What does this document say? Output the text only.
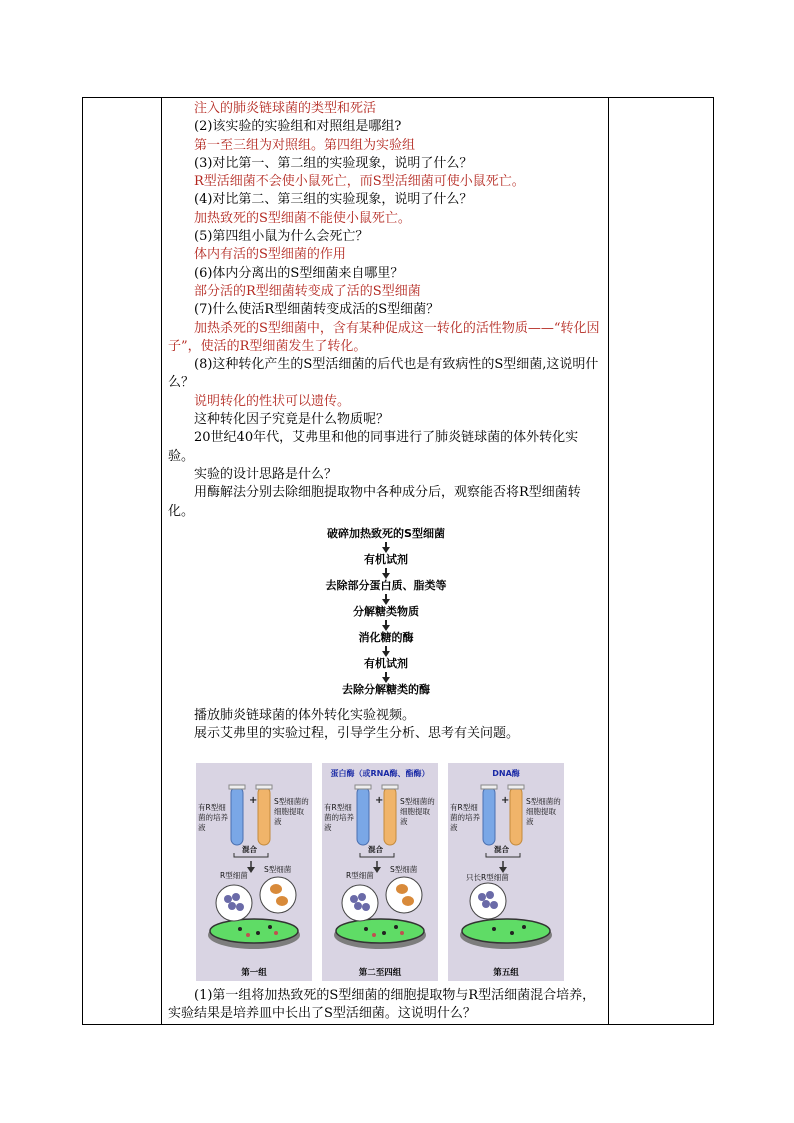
注入的肺炎链球菌的类型和死活
(2)该实验的实验组和对照组是哪组?
第一至三组为对照组。第四组为实验组
(3)对比第一、第二组的实验现象，说明了什么？
R型活细菌不会使小鼠死亡，而S型活细菌可使小鼠死亡。
(4)对比第二、第三组的实验现象，说明了什么？
加热致死的S型细菌不能使小鼠死亡。
(5)第四组小鼠为什么会死亡？
体内有活的S型细菌的作用
(6)体内分离出的S型细菌来自哪里？
部分活的R型细菌转变成了活的S型细菌
(7)什么使活R型细菌转变成活的S型细菌？
加热杀死的S型细菌中，含有某种促成这一转化的活性物质——“转化因子”，使活的R型细菌发生了转化。
(8)这种转化产生的S型活细菌的后代也是有致病性的S型细菌,这说明什么？
说明转化的性状可以遗传。
这种转化因子究竟是什么物质呢？
20世纪40年代，艾弗里和他的同事进行了肺炎链球菌的体外转化实验。
实验的设计思路是什么？
用酶解法分别去除细胞提取物中各种成分后，观察能否将R型细菌转化。
破碎加热致死的S型细菌
有机试剂
去除部分蛋白质、脂类等
分解糖类物质
消化糖的酶
有机试剂
去除分解糖类的酶
播放肺炎链球菌的体外转化实验视频。
展示艾弗里的实验过程，引导学生分析、思考有关问题。
+
有R型细菌的培养液
S型细菌的细胞提取液
混合
R型细菌
S型细菌
第一组
蛋白酶（或RNA酶、酯酶）
+
有R型细菌的培养液
S型细菌的细胞提取液
混合
R型细菌
S型细菌
第二至四组
DNA酶
+
有R型细菌的培养液
S型细菌的细胞提取液
混合
只长R型细菌
第五组
(1)第一组将加热致死的S型细菌的细胞提取物与R型活细菌混合培养，实验结果是培养皿中长出了S型活细菌。这说明什么？
